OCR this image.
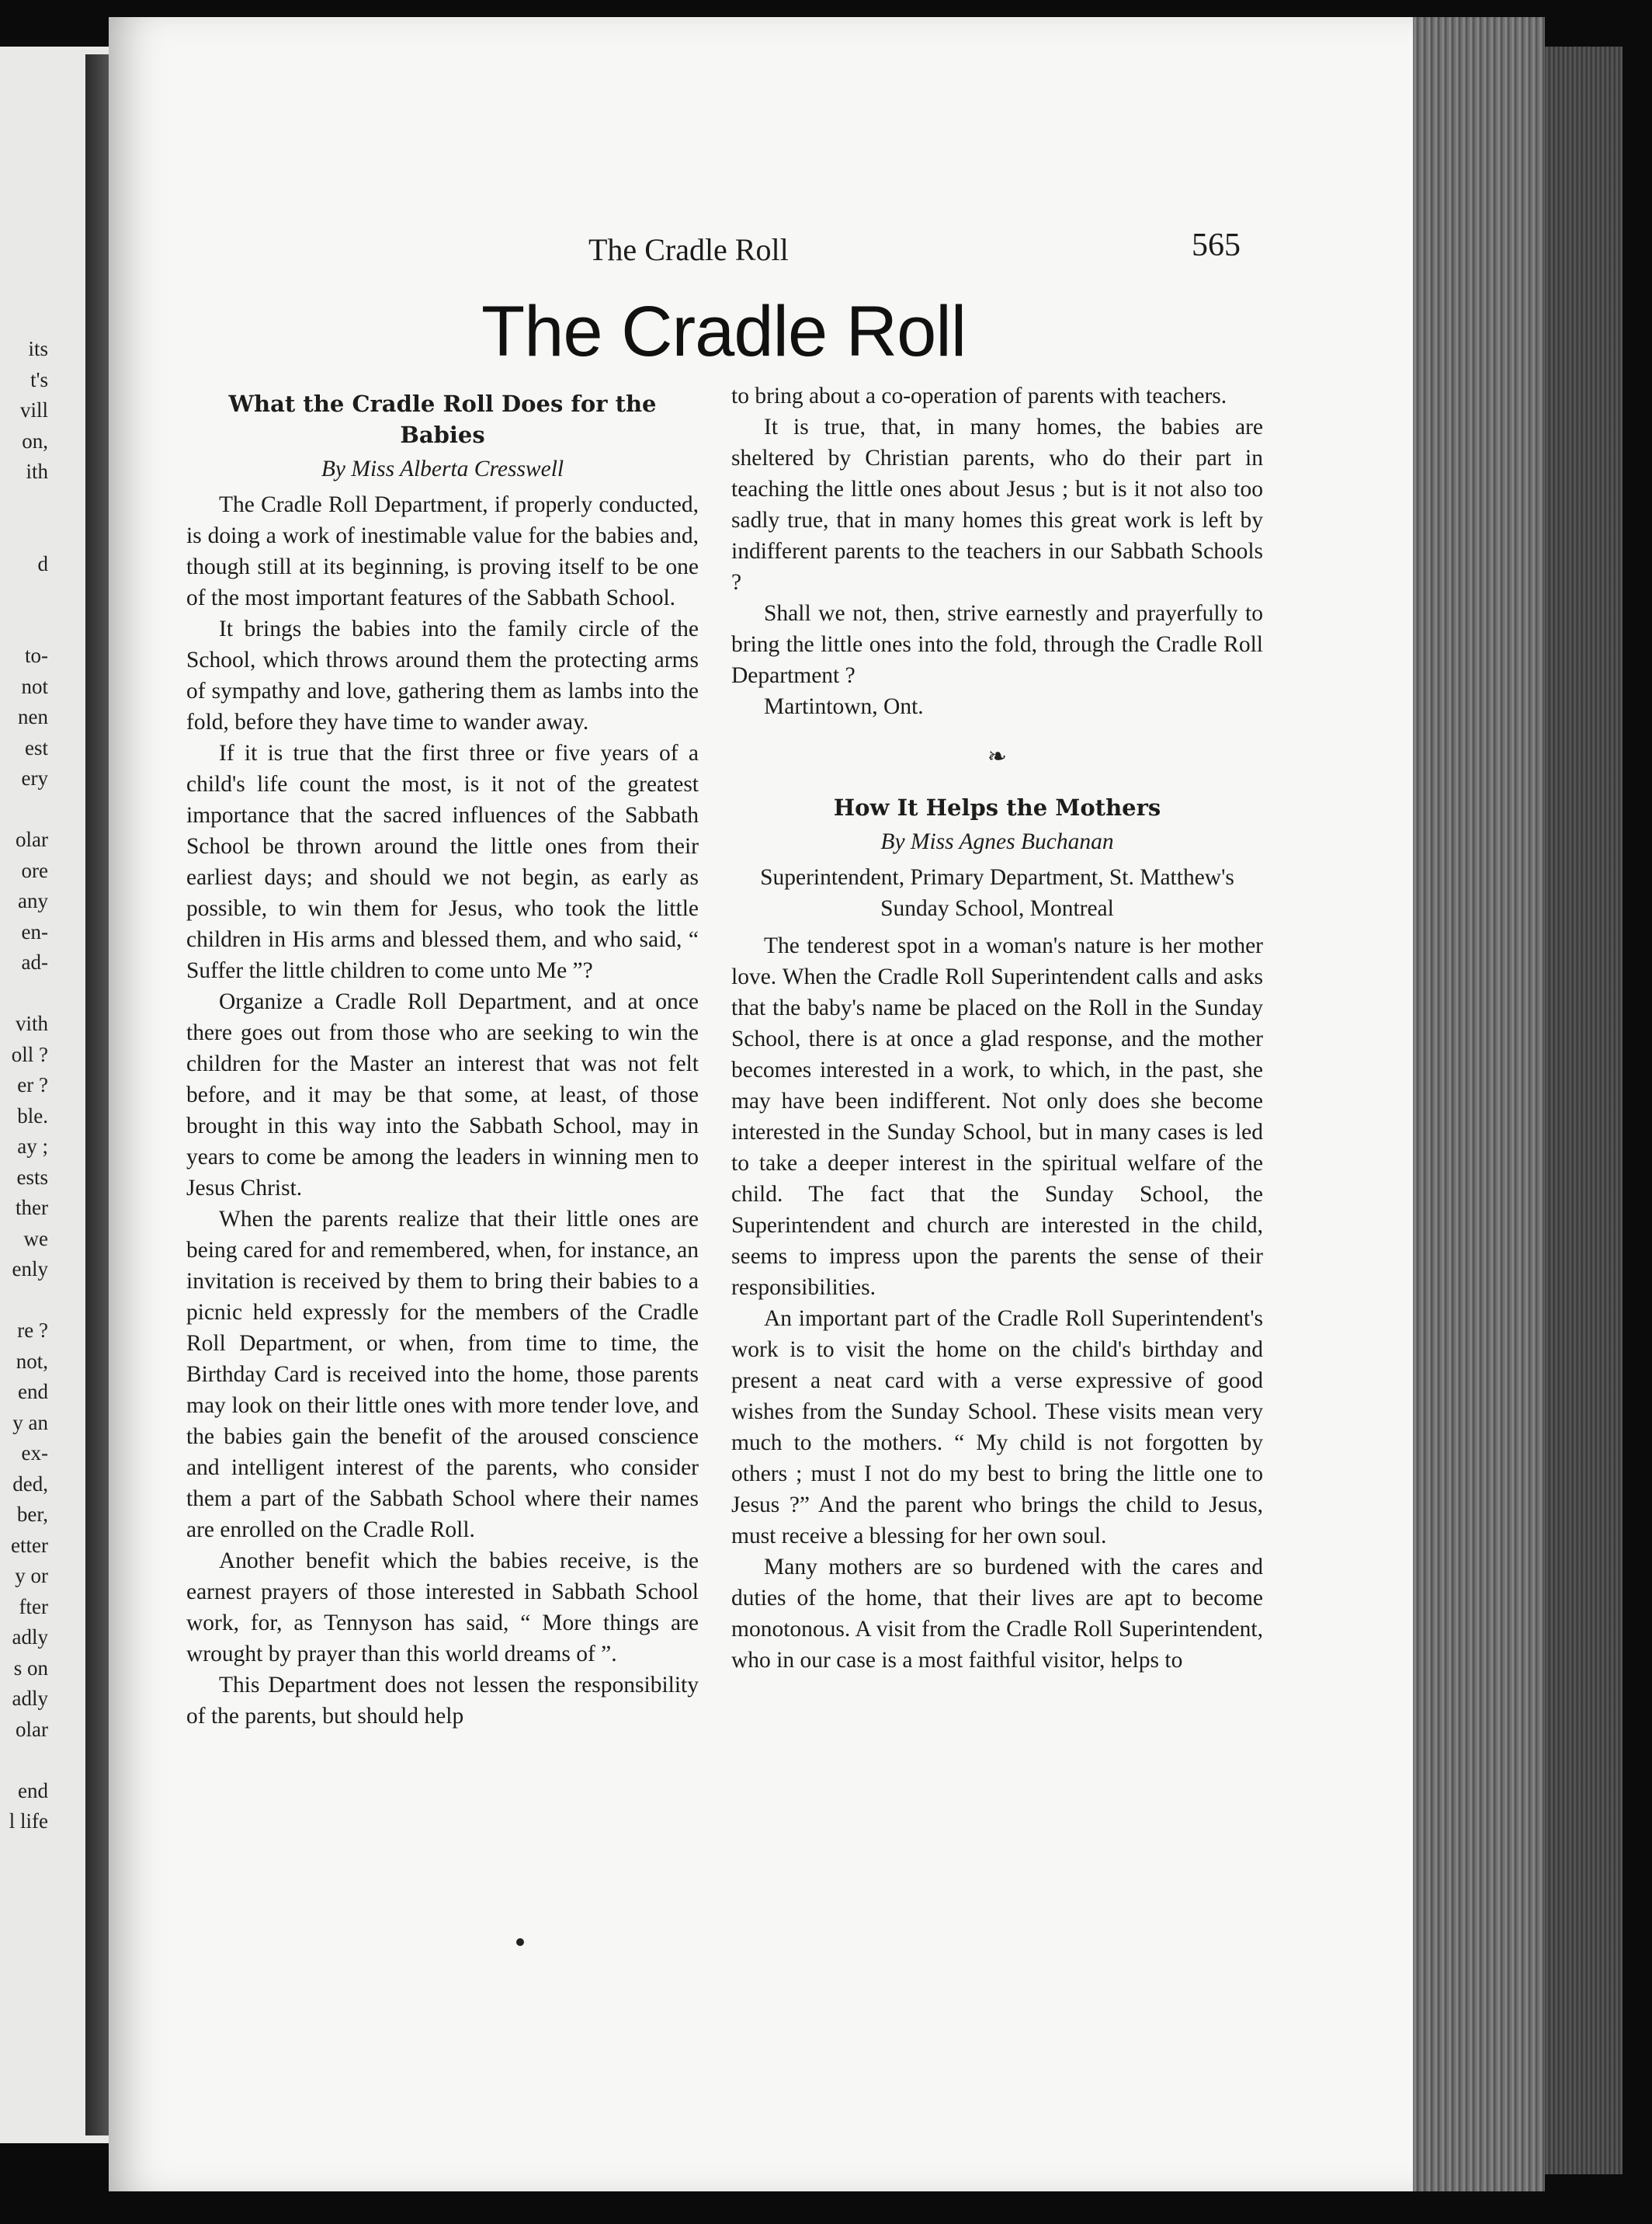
its
t's
vill
on,
ith

d

to-
not
nen
est
ery

olar
ore
any
en-
ad-

vith
oll ?
er ?
ble.
ay ;
ests
ther
we
enly

re ?
not,
end
y an
ex-
ded,
ber,
etter
y or
fter
adly
s on
adly
olar

end
l life
The Cradle Roll	565
The Cradle Roll
What the Cradle Roll Does for the Babies
By Miss Alberta Cresswell

The Cradle Roll Department, if properly conducted, is doing a work of inestimable value for the babies and, though still at its beginning, is proving itself to be one of the most important features of the Sabbath School.

It brings the babies into the family circle of the School, which throws around them the protecting arms of sympathy and love, gathering them as lambs into the fold, before they have time to wander away.

If it is true that the first three or five years of a child's life count the most, is it not of the greatest importance that the sacred influences of the Sabbath School be thrown around the little ones from their earliest days; and should we not begin, as early as possible, to win them for Jesus, who took the little children in His arms and blessed them, and who said, “ Suffer the little children to come unto Me ”?

Organize a Cradle Roll Department, and at once there goes out from those who are seeking to win the children for the Master an interest that was not felt before, and it may be that some, at least, of those brought in this way into the Sabbath School, may in years to come be among the leaders in winning men to Jesus Christ.

When the parents realize that their little ones are being cared for and remembered, when, for instance, an invitation is received by them to bring their babies to a picnic held expressly for the members of the Cradle Roll Department, or when, from time to time, the Birthday Card is received into the home, those parents may look on their little ones with more tender love, and the babies gain the benefit of the aroused conscience and intelligent interest of the parents, who consider them a part of the Sabbath School where their names are enrolled on the Cradle Roll.

Another benefit which the babies receive, is the earnest prayers of those interested in Sabbath School work, for, as Tennyson has said, “ More things are wrought by prayer than this world dreams of ”.

This Department does not lessen the responsibility of the parents, but should help

to bring about a co-operation of parents with teachers.

It is true, that, in many homes, the babies are sheltered by Christian parents, who do their part in teaching the little ones about Jesus ; but is it not also too sadly true, that in many homes this great work is left by indifferent parents to the teachers in our Sabbath Schools ?

Shall we not, then, strive earnestly and prayerfully to bring the little ones into the fold, through the Cradle Roll Department ?

Martintown, Ont.

❧
How It Helps the Mothers
By Miss Agnes Buchanan
Superintendent, Primary Department, St. Matthew's Sunday School, Montreal

The tenderest spot in a woman's nature is her mother love. When the Cradle Roll Superintendent calls and asks that the baby's name be placed on the Roll in the Sunday School, there is at once a glad response, and the mother becomes interested in a work, to which, in the past, she may have been indifferent. Not only does she become interested in the Sunday School, but in many cases is led to take a deeper interest in the spiritual welfare of the child. The fact that the Sunday School, the Superintendent and church are interested in the child, seems to impress upon the parents the sense of their responsibilities.

An important part of the Cradle Roll Superintendent's work is to visit the home on the child's birthday and present a neat card with a verse expressive of good wishes from the Sunday School. These visits mean very much to the mothers. “ My child is not forgotten by others ; must I not do my best to bring the little one to Jesus ?” And the parent who brings the child to Jesus, must receive a blessing for her own soul.

Many mothers are so burdened with the cares and duties of the home, that their lives are apt to become monotonous. A visit from the Cradle Roll Superintendent, who in our case is a most faithful visitor, helps to
